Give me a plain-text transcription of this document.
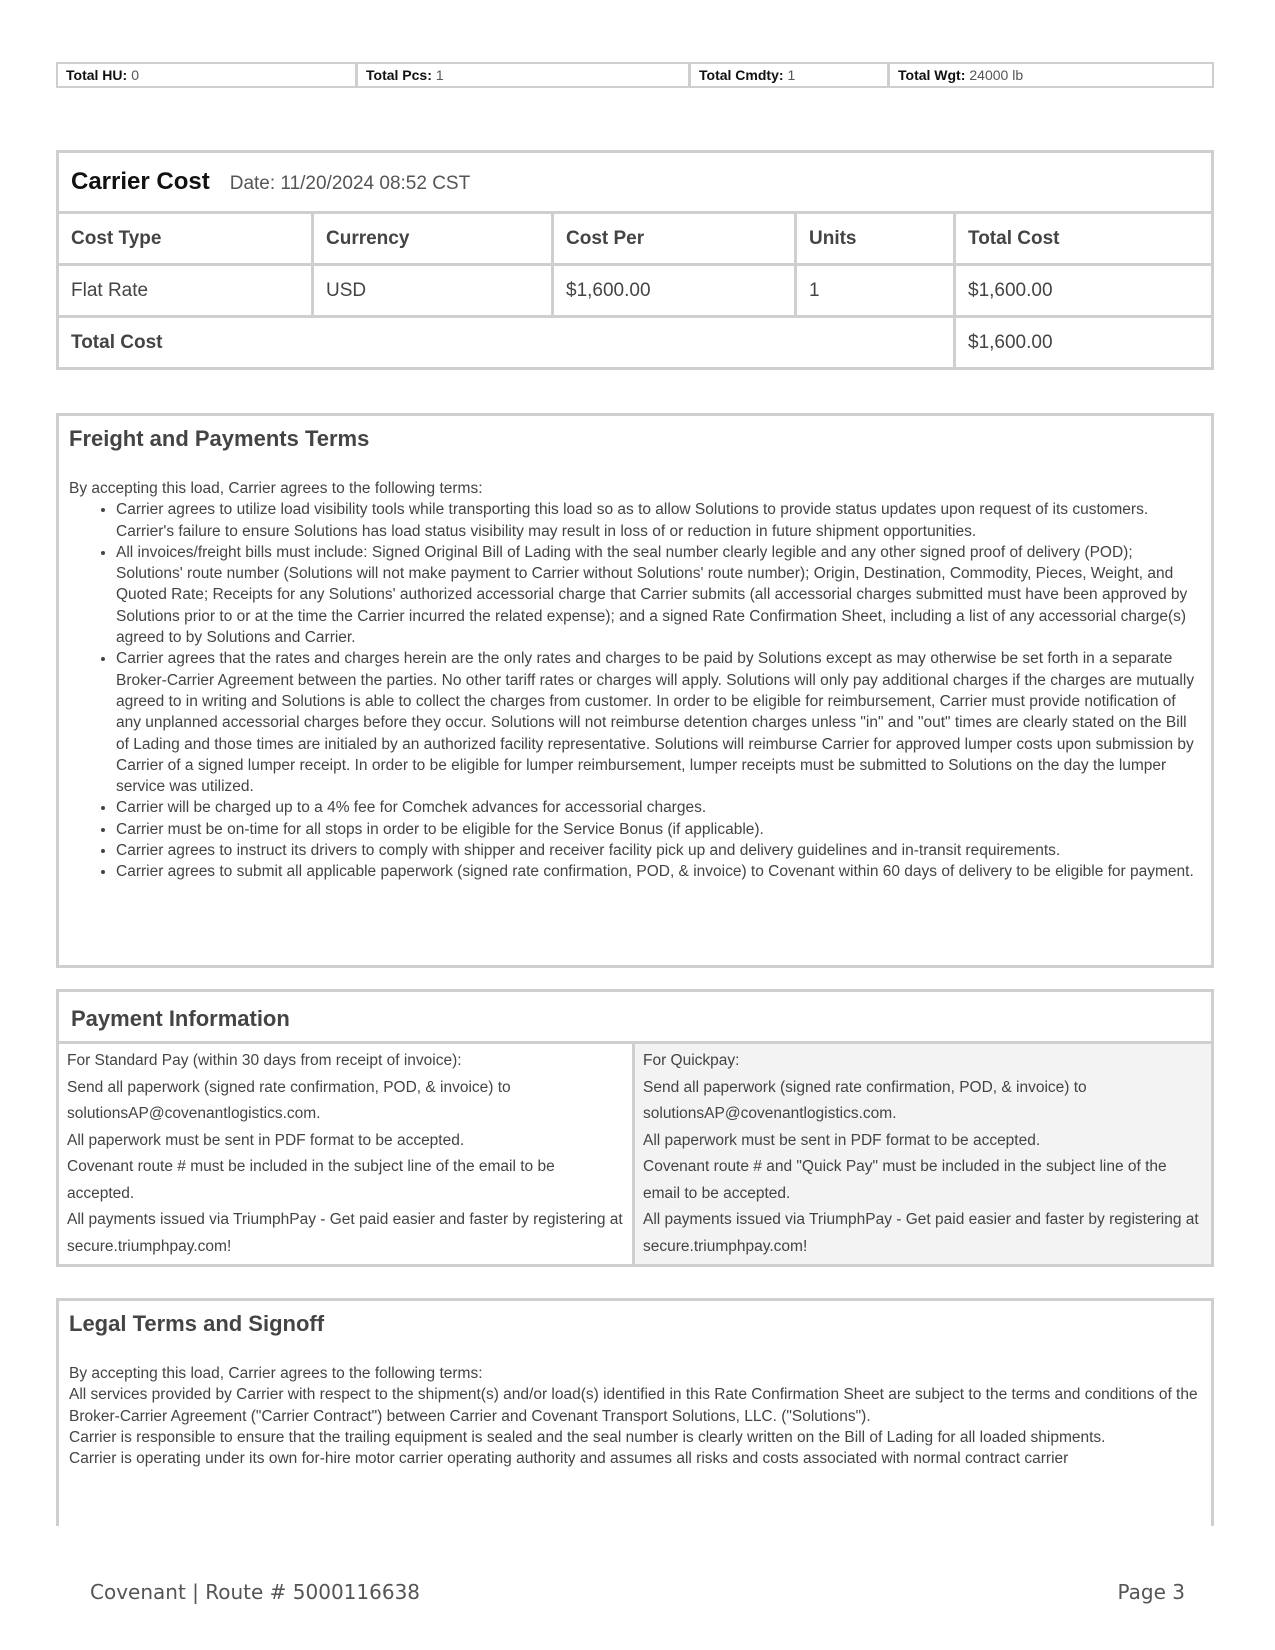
Total HU: 0	Total Pcs: 1	Total Cmdty: 1	Total Wgt: 24000 lb
Carrier Cost Date: 11/20/2024 08:52 CST				
Cost Type	Currency	Cost Per	Units	Total Cost
Flat Rate	USD	$1,600.00	1	$1,600.00
Total Cost				$1,600.00
Freight and Payments Terms

By accepting this load, Carrier agrees to the following terms:

• Carrier agrees to utilize load visibility tools while transporting this load so as to allow Solutions to provide status updates upon request of its customers. Carrier's failure to ensure Solutions has load status visibility may result in loss of or reduction in future shipment opportunities.
• All invoices/freight bills must include: Signed Original Bill of Lading with the seal number clearly legible and any other signed proof of delivery (POD); Solutions' route number (Solutions will not make payment to Carrier without Solutions' route number); Origin, Destination, Commodity, Pieces, Weight, and Quoted Rate; Receipts for any Solutions' authorized accessorial charge that Carrier submits (all accessorial charges submitted must have been approved by Solutions prior to or at the time the Carrier incurred the related expense); and a signed Rate Confirmation Sheet, including a list of any accessorial charge(s) agreed to by Solutions and Carrier.
• Carrier agrees that the rates and charges herein are the only rates and charges to be paid by Solutions except as may otherwise be set forth in a separate Broker-Carrier Agreement between the parties. No other tariff rates or charges will apply. Solutions will only pay additional charges if the charges are mutually agreed to in writing and Solutions is able to collect the charges from customer. In order to be eligible for reimbursement, Carrier must provide notification of any unplanned accessorial charges before they occur. Solutions will not reimburse detention charges unless "in" and "out" times are clearly stated on the Bill of Lading and those times are initialed by an authorized facility representative. Solutions will reimburse Carrier for approved lumper costs upon submission by Carrier of a signed lumper receipt. In order to be eligible for lumper reimbursement, lumper receipts must be submitted to Solutions on the day the lumper service was utilized.
• Carrier will be charged up to a 4% fee for Comchek advances for accessorial charges.
• Carrier must be on-time for all stops in order to be eligible for the Service Bonus (if applicable).
• Carrier agrees to instruct its drivers to comply with shipper and receiver facility pick up and delivery guidelines and in-transit requirements.
• Carrier agrees to submit all applicable paperwork (signed rate confirmation, POD, & invoice) to Covenant within 60 days of delivery to be eligible for payment.
Payment Information

For Standard Pay (within 30 days from receipt of invoice):

Send all paperwork (signed rate confirmation, POD, & invoice) to solutionsAP@covenantlogistics.com.

All paperwork must be sent in PDF format to be accepted.

Covenant route # must be included in the subject line of the email to be accepted.

All payments issued via TriumphPay - Get paid easier and faster by registering at secure.triumphpay.com!

For Quickpay:

Send all paperwork (signed rate confirmation, POD, & invoice) to solutionsAP@covenantlogistics.com.

All paperwork must be sent in PDF format to be accepted.

Covenant route # and "Quick Pay" must be included in the subject line of the email to be accepted.

All payments issued via TriumphPay - Get paid easier and faster by registering at secure.triumphpay.com!

Legal Terms and Signoff

By accepting this load, Carrier agrees to the following terms:

All services provided by Carrier with respect to the shipment(s) and/or load(s) identified in this Rate Confirmation Sheet are subject to the terms and conditions of the Broker-Carrier Agreement ("Carrier Contract") between Carrier and Covenant Transport Solutions, LLC. ("Solutions").

Carrier is responsible to ensure that the trailing equipment is sealed and the seal number is clearly written on the Bill of Lading for all loaded shipments.

Carrier is operating under its own for-hire motor carrier operating authority and assumes all risks and costs associated with normal contract carrier

Covenant | Route # 5000116638	Page 3
